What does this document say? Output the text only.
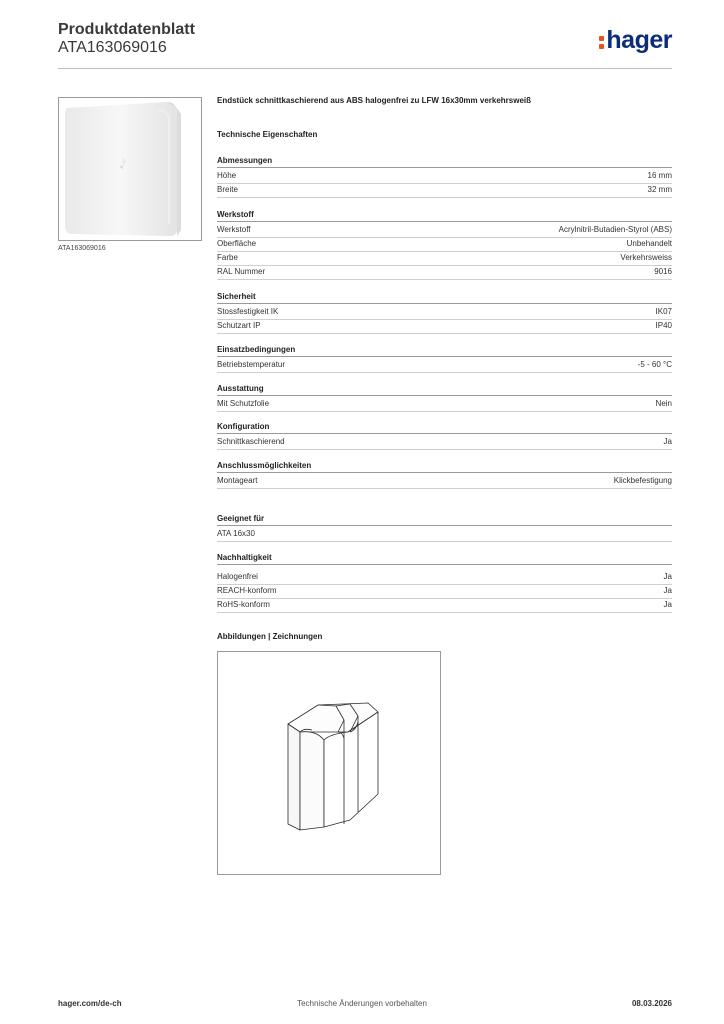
Produktdatenblatt
ATA163069016	hager
✕ ⁄ ⁄
ATA163069016
Endstück schnittkaschierend aus ABS halogenfrei zu LFW 16x30mm verkehrsweiß
Technische Eigenschaften
Abmessungen
Höhe	16 mm
Breite	32 mm
Werkstoff
Werkstoff	Acrylnitril-Butadien-Styrol (ABS)
Oberfläche	Unbehandelt
Farbe	Verkehrsweiss
RAL Nummer	9016
Sicherheit
Stossfestigkeit IK	IK07
Schutzart IP	IP40
Einsatzbedingungen
Betriebstemperatur	-5 - 60 °C
Ausstattung
Mit Schutzfolie	Nein
Konfiguration
Schnittkaschierend	Ja
Anschlussmöglichkeiten
Montageart	Klickbefestigung
Geeignet für
ATA 16x30
Nachhaltigkeit
Halogenfrei	Ja
REACH-konform	Ja
RoHS-konform	Ja
Abbildungen | Zeichnungen
hager.com/de-ch	Technische Änderungen vorbehalten	08.03.2026
